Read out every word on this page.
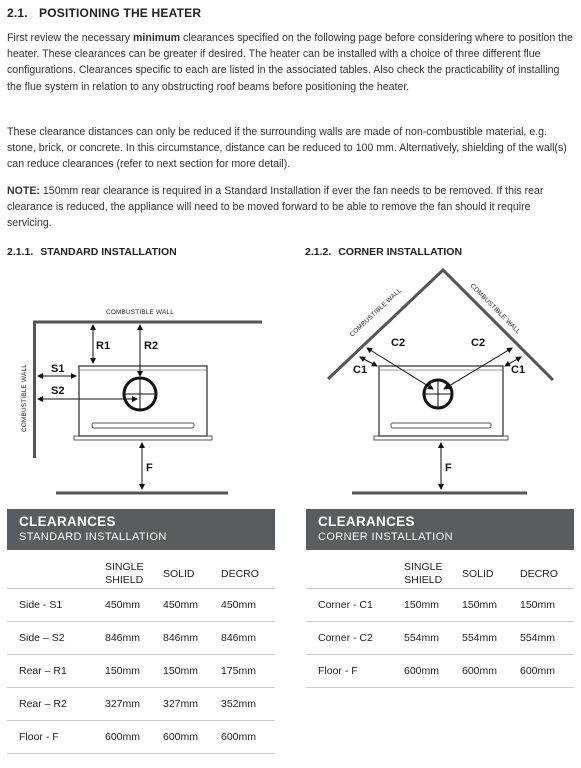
2.1. POSITIONING THE HEATER
First review the necessary minimum clearances specified on the following page before considering where to position the heater. These clearances can be greater if desired. The heater can be installed with a choice of three different flue configurations. Clearances specific to each are listed in the associated tables. Also check the practicability of installing the flue system in relation to any obstructing roof beams before positioning the heater.
These clearance distances can only be reduced if the surrounding walls are made of non-combustible material, e.g. stone, brick, or concrete. In this circumstance, distance can be reduced to 100 mm. Alternatively, shielding of the wall(s) can reduce clearances (refer to next section for more detail).
NOTE: 150mm rear clearance is required in a Standard Installation if ever the fan needs to be removed. If this rear clearance is reduced, the appliance will need to be moved forward to be able to remove the fan should it require servicing.
2.1.1. STANDARD INSTALLATION	2.1.2. CORNER INSTALLATION
COMBUSTIBLE WALL
COMBUSTIBLE WALL
R1	R2
S1
S2
F
COMBUSTIBLE WALL	COMBUSTIBLE WALL
C2	C2
C1	C1
F
CLEARANCES
STANDARD INSTALLATION
SINGLE
SHIELD SOLID	DECRO
Side - S1	450mm 450mm 450mm
Side – S2	846mm 846mm 846mm
Rear – R1	150mm 150mm 175mm
Rear – R2	327mm 327mm 352mm
Floor - F	600mm 600mm 600mm
CLEARANCES
CORNER INSTALLATION
SINGLE
SHIELD SOLID	DECRO
Corner - C1	150mm 150mm 150mm
Corner - C2	554mm 554mm 554mm
Floor - F	600mm 600mm 600mm
